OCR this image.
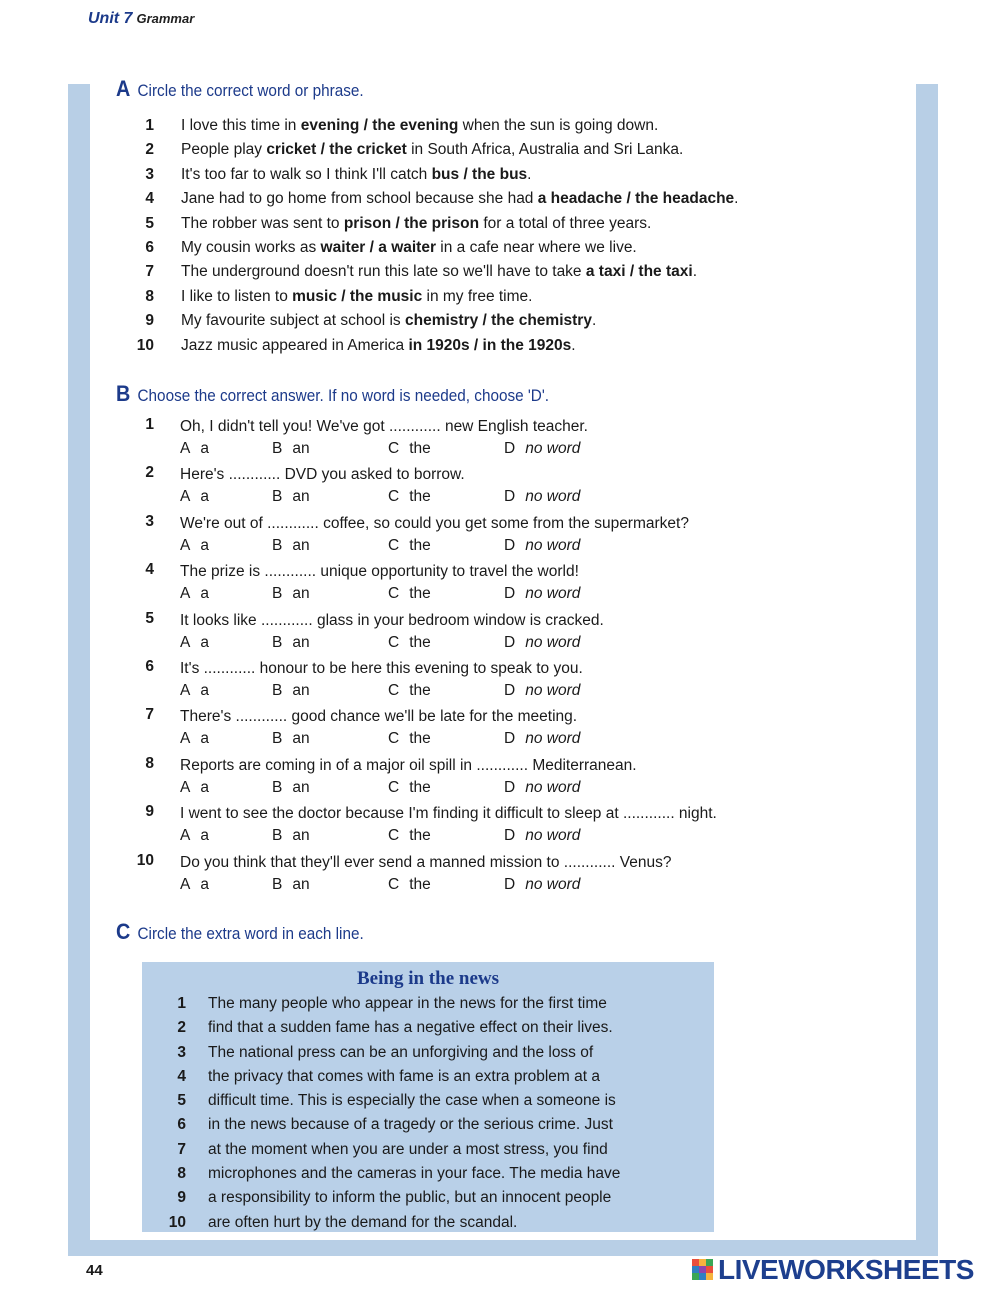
Unit 7 Grammar
A Circle the correct word or phrase.
1 I love this time in evening / the evening when the sun is going down.
2 People play cricket / the cricket in South Africa, Australia and Sri Lanka.
3 It's too far to walk so I think I'll catch bus / the bus.
4 Jane had to go home from school because she had a headache / the headache.
5 The robber was sent to prison / the prison for a total of three years.
6 My cousin works as waiter / a waiter in a cafe near where we live.
7 The underground doesn't run this late so we'll have to take a taxi / the taxi.
8 I like to listen to music / the music in my free time.
9 My favourite subject at school is chemistry / the chemistry.
10 Jazz music appeared in America in 1920s / in the 1920s.
B Choose the correct answer. If no word is needed, choose 'D'.
1 Oh, I didn't tell you! We've got ............ new English teacher.
A a	B an	C the	D no word
2 Here's ............ DVD you asked to borrow.
A a	B an	C the	D no word
3 We're out of ............ coffee, so could you get some from the supermarket?
A a	B an	C the	D no word
4 The prize is ............ unique opportunity to travel the world!
A a	B an	C the	D no word
5 It looks like ............ glass in your bedroom window is cracked.
A a	B an	C the	D no word
6 It's ............ honour to be here this evening to speak to you.
A a	B an	C the	D no word
7 There's ............ good chance we'll be late for the meeting.
A a	B an	C the	D no word
8 Reports are coming in of a major oil spill in ............ Mediterranean.
A a	B an	C the	D no word
9 I went to see the doctor because I'm finding it difficult to sleep at ............ night.
A a	B an	C the	D no word
10 Do you think that they'll ever send a manned mission to ............ Venus?
A a	B an	C the	D no word
C Circle the extra word in each line.
Being in the news
1 The many people who appear in the news for the first time
2 find that a sudden fame has a negative effect on their lives.
3 The national press can be an unforgiving and the loss of
4 the privacy that comes with fame is an extra problem at a
5 difficult time. This is especially the case when a someone is
6 in the news because of a tragedy or the serious crime. Just
7 at the moment when you are under a most stress, you find
8 microphones and the cameras in your face. The media have
9 a responsibility to inform the public, but an innocent people
10 are often hurt by the demand for the scandal.
44	LIVEWORKSHEETS
